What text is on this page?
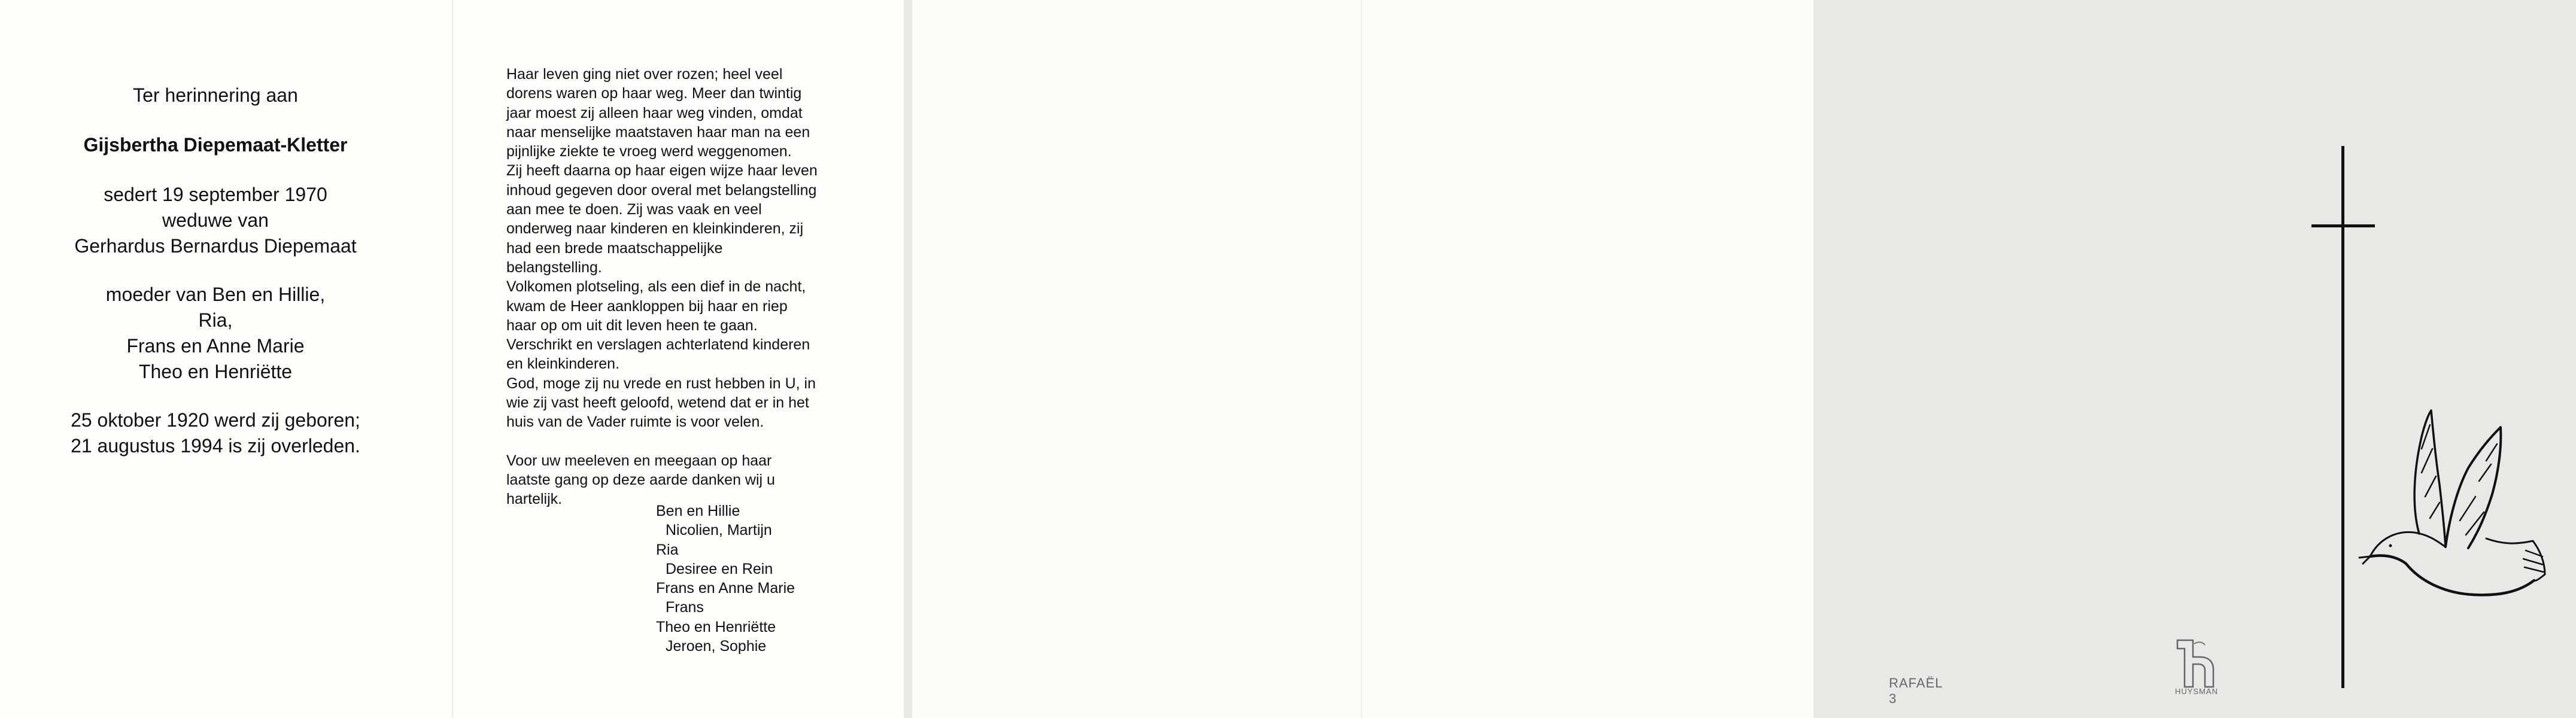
Ter herinnering aan

Gijsbertha Diepemaat-Kletter

sedert 19 september 1970

weduwe van

Gerhardus Bernardus Diepemaat

moeder van Ben en Hillie,

Ria,

Frans en Anne Marie

Theo en Henriëtte

25 oktober 1920 werd zij geboren;

21 augustus 1994 is zij overleden.

Haar leven ging niet over rozen; heel veel

dorens waren op haar weg. Meer dan twintig

jaar moest zij alleen haar weg vinden, omdat

naar menselijke maatstaven haar man na een

pijnlijke ziekte te vroeg werd weggenomen.

Zij heeft daarna op haar eigen wijze haar leven

inhoud gegeven door overal met belangstelling

aan mee te doen. Zij was vaak en veel

onderweg naar kinderen en kleinkinderen, zij

had een brede maatschappelijke

belangstelling.

Volkomen plotseling, als een dief in de nacht,

kwam de Heer aankloppen bij haar en riep

haar op om uit dit leven heen te gaan.

Verschrikt en verslagen achterlatend kinderen

en kleinkinderen.

God, moge zij nu vrede en rust hebben in U, in

wie zij vast heeft geloofd, wetend dat er in het

huis van de Vader ruimte is voor velen.

Voor uw meeleven en meegaan op haar

laatste gang op deze aarde danken wij u

hartelijk.

Ben en Hillie
Nicolien, Martijn
Ria
Desiree en Rein
Frans en Anne Marie
Frans
Theo en Henriëtte
Jeroen, Sophie
RAFAËL 3	HUYSMAN
